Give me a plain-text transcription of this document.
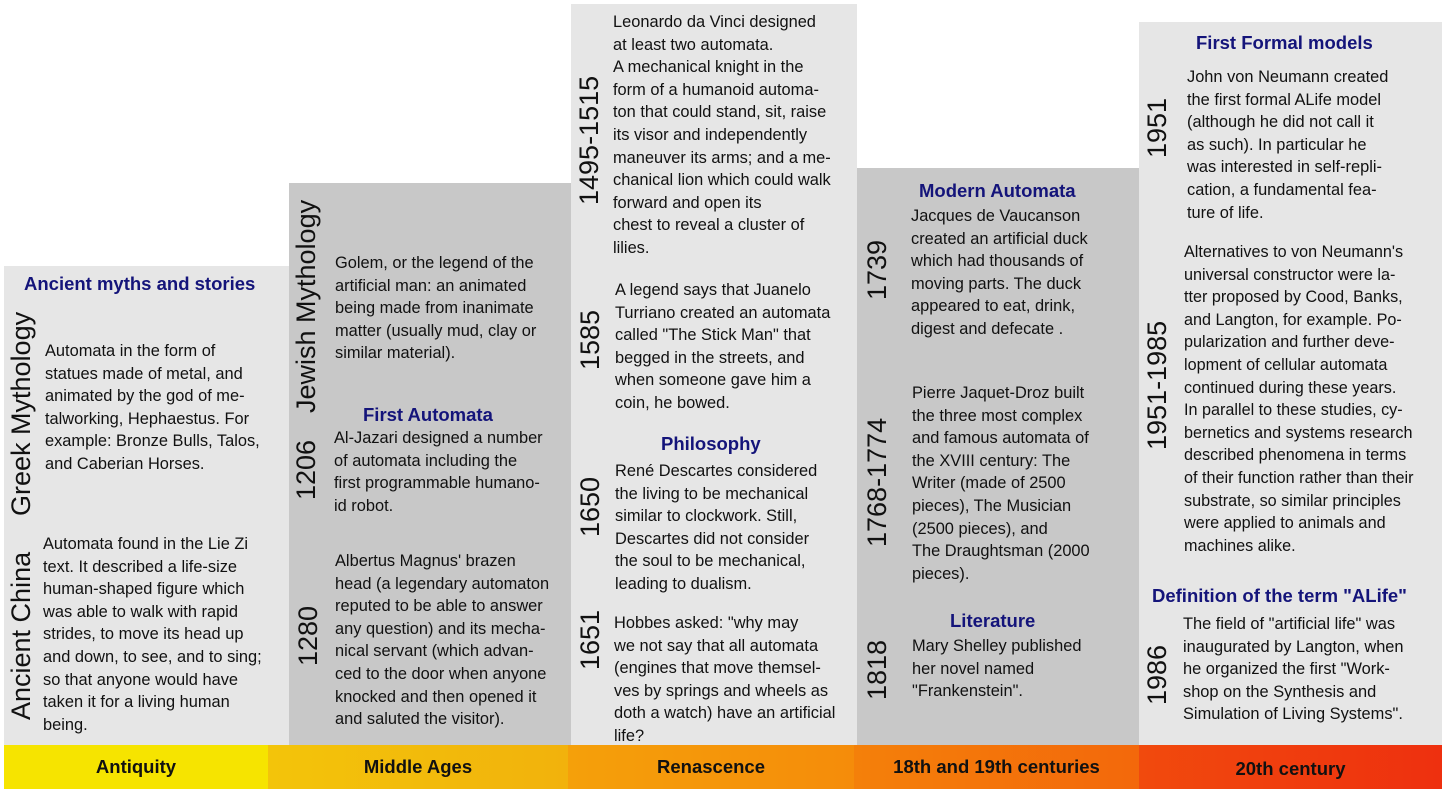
Ancient myths and stories
Greek Mythology Automata in the form of
statues made of metal, and
animated by the god of me-
talworking, Hephaestus. For
example: Bronze Bulls, Talos,
and Caberian Horses.
Ancient China
Automata found in the Lie Zi
text. It described a life-size
human-shaped figure which
was able to walk with rapid
strides, to move its head up
and down, to see, and to sing;
so that anyone would have
taken it for a living human
being.
Jewish Mythology Golem, or the legend of the
artificial man: an animated
being made from inanimate
matter (usually mud, clay or
similar material).
First Automata
1206
Al-Jazari designed a number
of automata including the
first programmable humano-
id robot.
1280
Albertus Magnus' brazen
head (a legendary automaton
reputed to be able to answer
any question) and its mecha-
nical servant (which advan-
ced to the door when anyone
knocked and then opened it
and saluted the visitor).
1495-1515
Leonardo da Vinci designed
at least two automata.
A mechanical knight in the
form of a humanoid automa-
ton that could stand, sit, raise
its visor and independently
maneuver its arms; and a me-
chanical lion which could walk
forward and open its
chest to reveal a cluster of
lilies.
1585
A legend says that Juanelo
Turriano created an automata
called "The Stick Man" that
begged in the streets, and
when someone gave him a
coin, he bowed.
Philosophy
1650
René Descartes considered
the living to be mechanical
similar to clockwork. Still,
Descartes did not consider
the soul to be mechanical,
leading to dualism.
1651 Hobbes asked: "why may
we not say that all automata
(engines that move themsel-
ves by springs and wheels as
doth a watch) have an artificial
life?
Modern Automata
1739
Jacques de Vaucanson
created an artificial duck
which had thousands of
moving parts. The duck
appeared to eat, drink,
digest and defecate .
1768-1774
Pierre Jaquet-Droz built
the three most complex
and famous automata of
the XVIII century: The
Writer (made of 2500
pieces), The Musician
(2500 pieces), and
The Draughtsman (2000
pieces).
Literature
1818 Mary Shelley published
her novel named
"Frankenstein".
First Formal models
1951
John von Neumann created
the first formal ALife model
(although he did not call it
as such). In particular he
was interested in self-repli-
cation, a fundamental fea-
ture of life.
1951-1985
Alternatives to von Neumann's
universal constructor were la-
tter proposed by Cood, Banks,
and Langton, for example. Po-
pularization and further deve-
lopment of cellular automata
continued during these years.
In parallel to these studies, cy-
bernetics and systems research
described phenomena in terms
of their function rather than their
substrate, so similar principles
were applied to animals and
machines alike.
Definition of the term "ALife"
1986
The field of "artificial life" was
inaugurated by Langton, when
he organized the first "Work-
shop on the Synthesis and
Simulation of Living Systems".
Antiquity	Middle Ages	Renascence	18th and 19th centuries	20th century
